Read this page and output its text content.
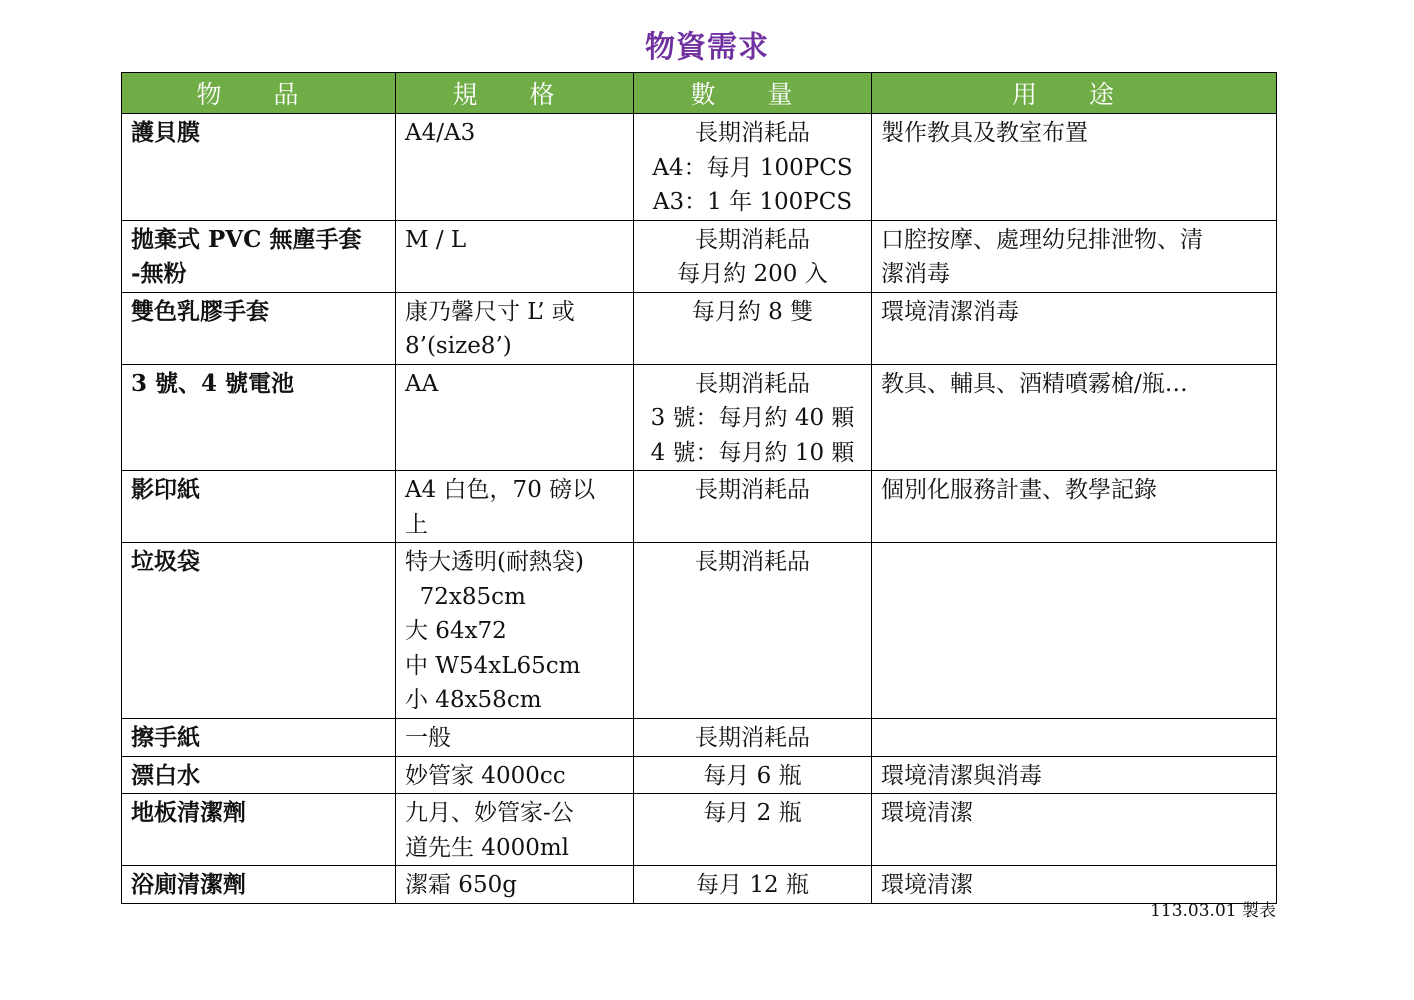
物資需求
物 品	規 格	數 量	用 途

護貝膜	A4/A3	長期消耗品
A4：每月 100PCS
A3：1 年 100PCS	製作教具及教室布置

拋棄式 PVC 無塵手套
-無粉	M / L	長期消耗品
每月約 200 入	口腔按摩、處理幼兒排泄物、清
潔消毒

雙色乳膠手套	康乃馨尺寸 L’ 或
8’(size8’)	每月約 8 雙	環境清潔消毒

3 號、4 號電池	AA	長期消耗品
3 號：每月約 40 顆
4 號：每月約 10 顆	教具、輔具、酒精噴霧槍/瓶…

影印紙	A4 白色，70 磅以
上	長期消耗品	個別化服務計畫、教學記錄

垃圾袋	特大透明(耐熱袋)
72x85cm
大 64x72
中 W54xL65cm
小 48x58cm	長期消耗品	

擦手紙	一般	長期消耗品	

漂白水	妙管家 4000cc	每月 6 瓶	環境清潔與消毒

地板清潔劑	九月、妙管家-公
道先生 4000ml	每月 2 瓶	環境清潔

浴廁清潔劑	潔霜 650g	每月 12 瓶	環境清潔
113.03.01 製表
